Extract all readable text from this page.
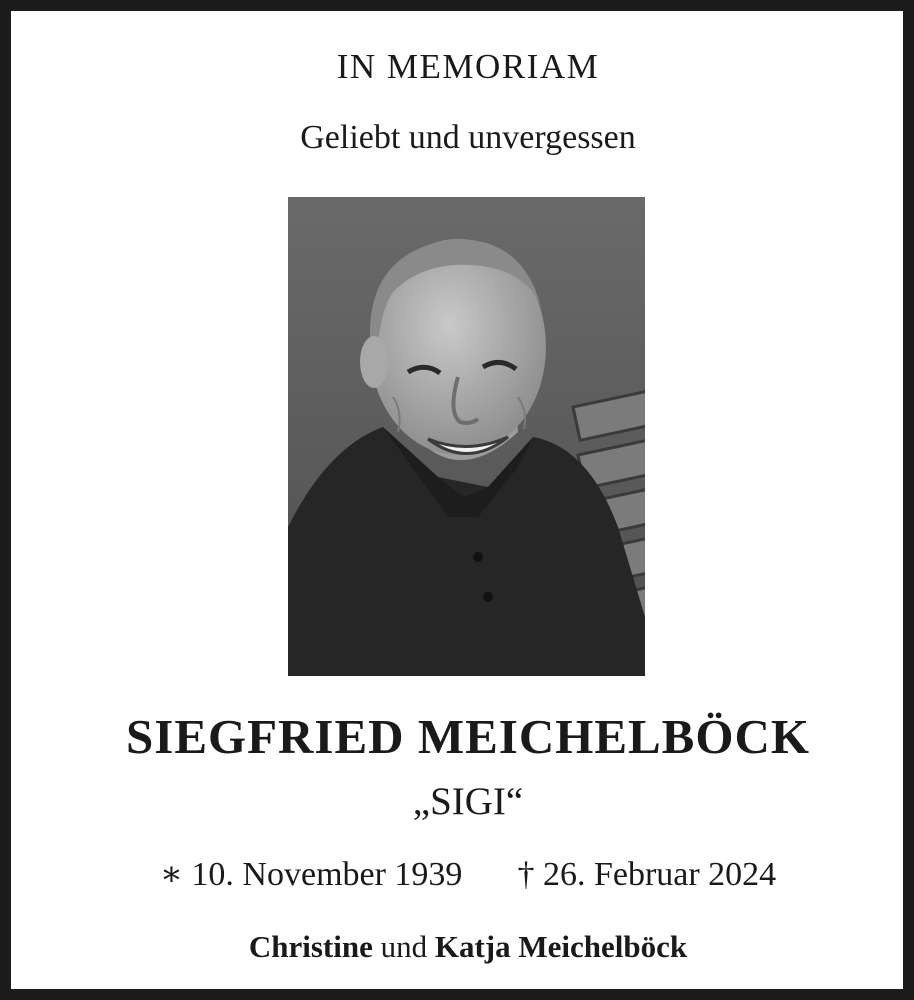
IN MEMORIAM
Geliebt und unvergessen
SIEGFRIED MEICHELBÖCK
„SIGI“
∗ 10. November 1939 † 26. Februar 2024
Christine und Katja Meichelböck
